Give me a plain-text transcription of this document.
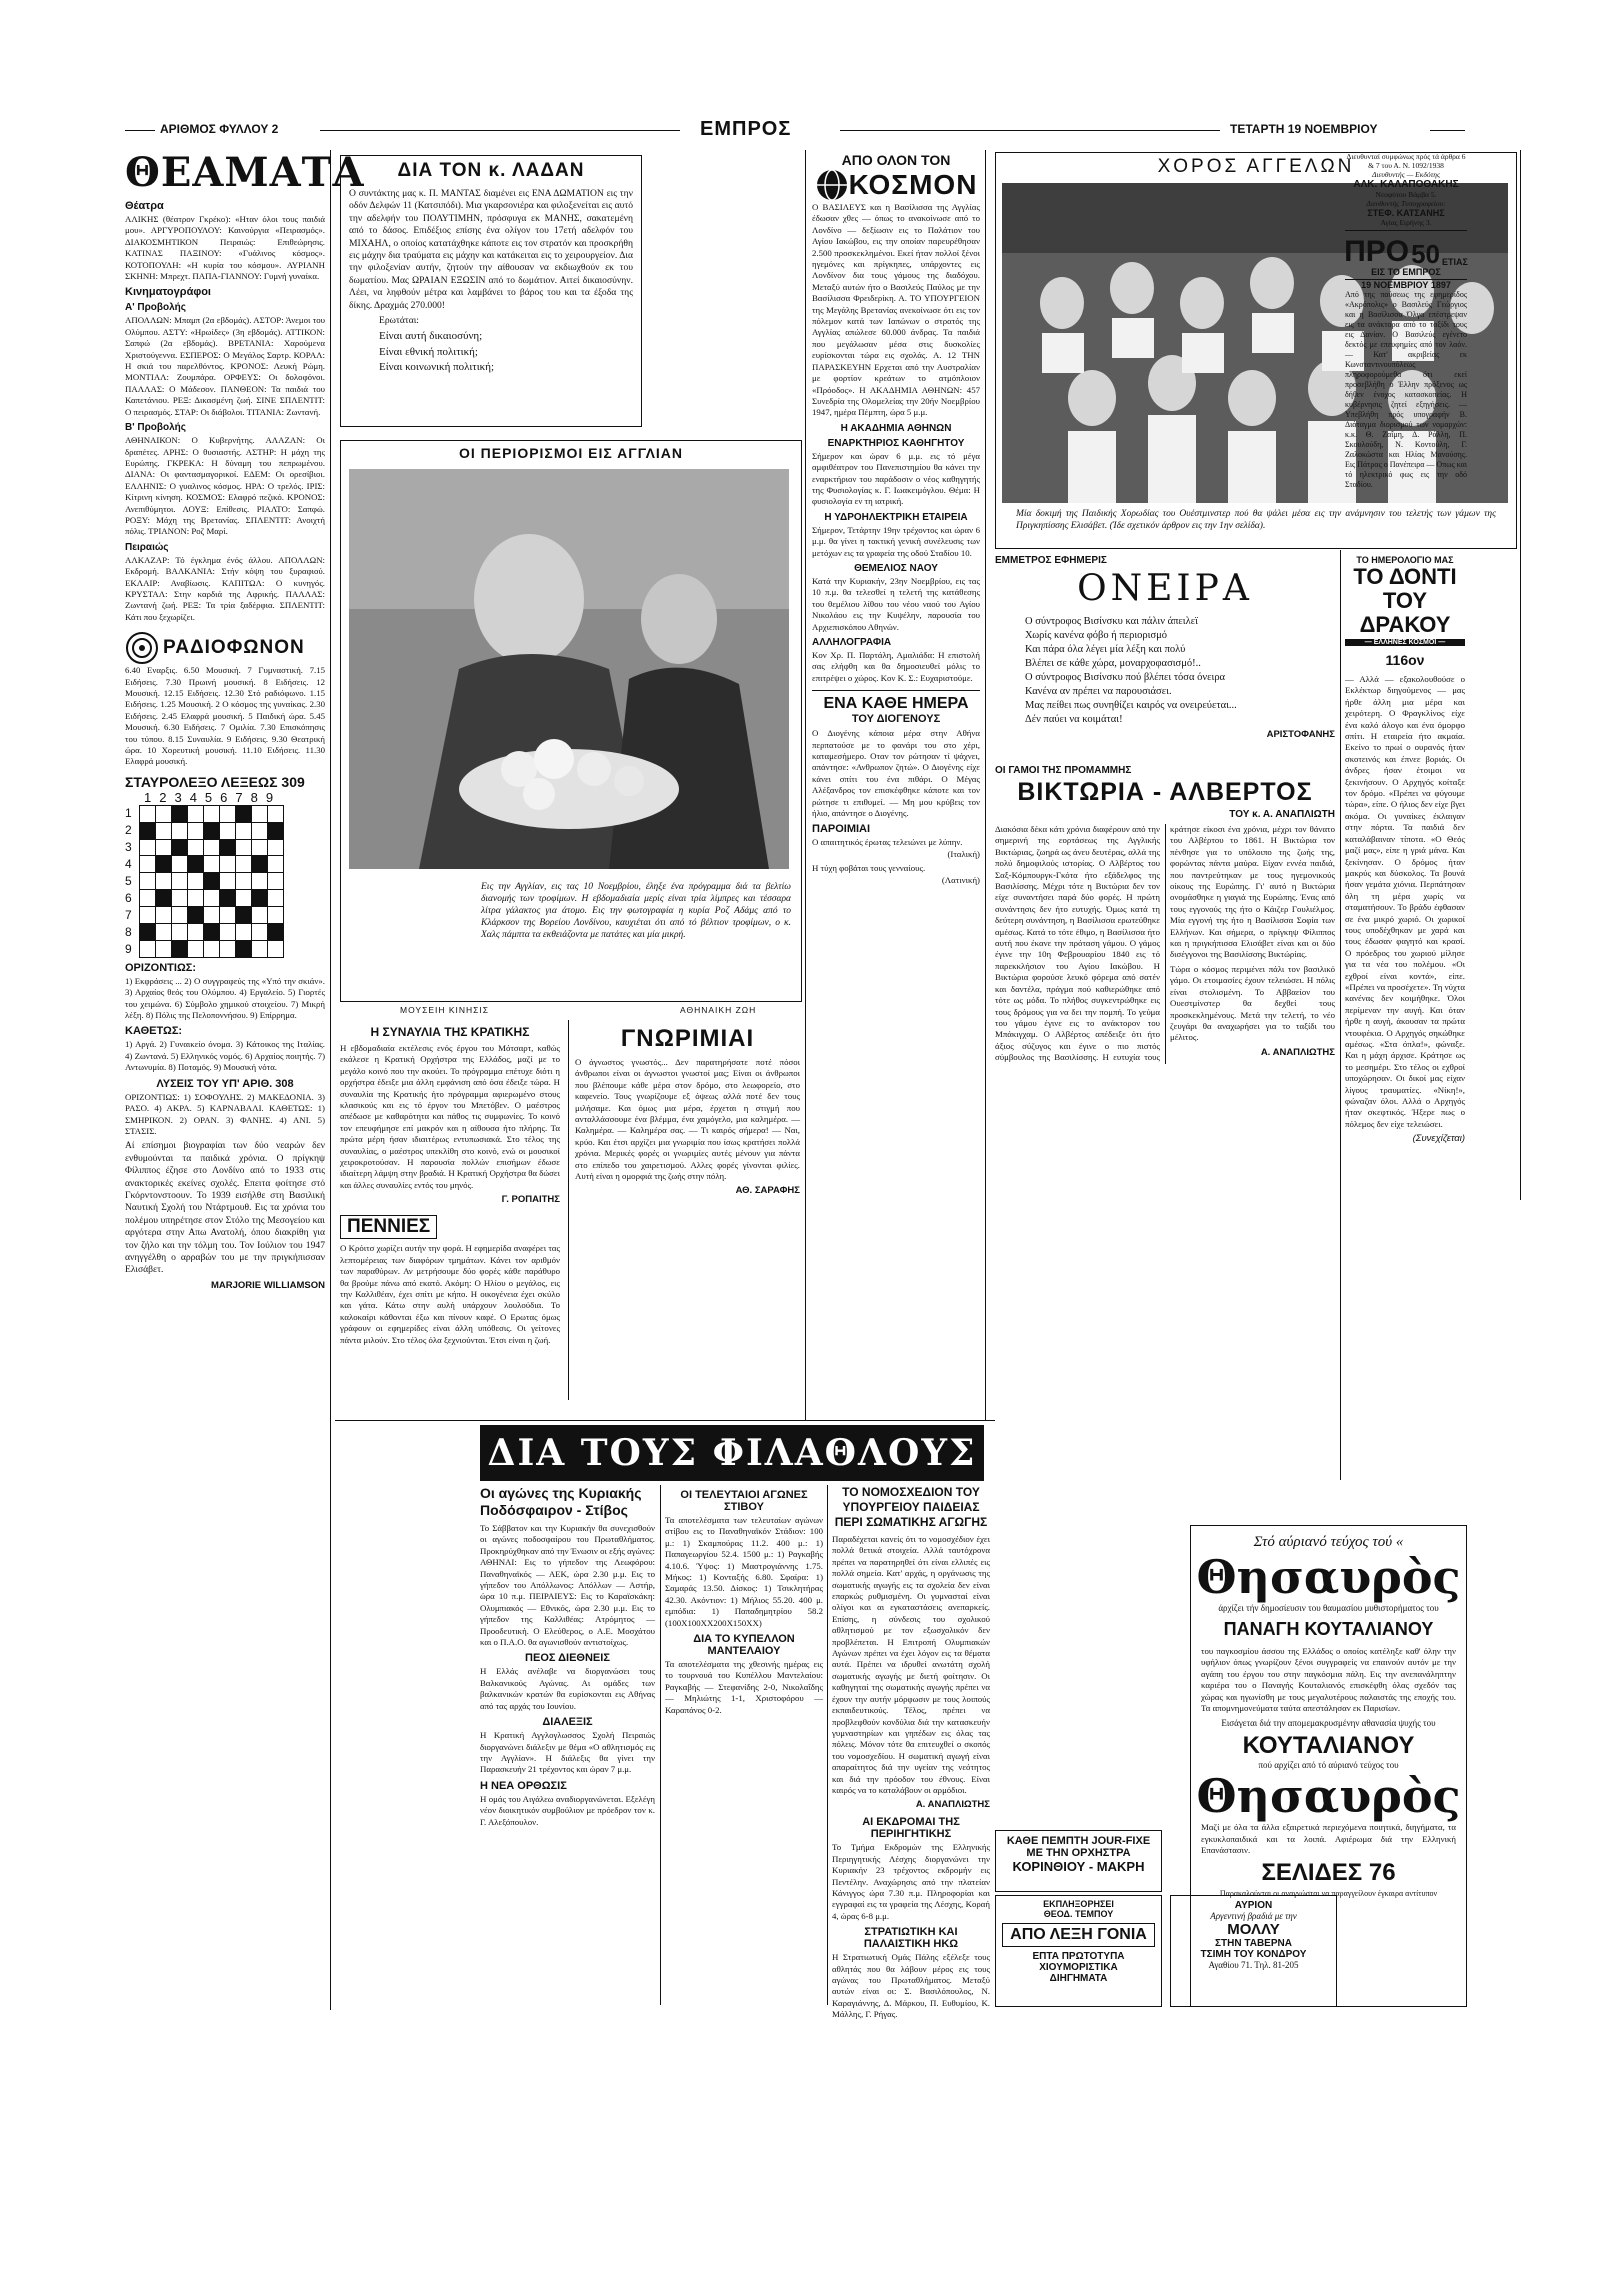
ΑΡΙΘΜΟΣ ΦΥΛΛΟΥ 2	ΕΜΠΡΟΣ	ΤΕΤΑΡΤΗ 19 ΝΟΕΜΒΡΙΟΥ
ΘΕΑΜΑΤΑ
Θέατρα

ΑΛΙΚΗΣ (θέατρον Γκρέκο): «Ηταν όλοι τους παιδιά μου». ΑΡΓΥΡΟΠΟΥΛΟΥ: Καινούργια «Πειρασμός». ΔΙΑΚΟΣΜΗΤΙΚΟΝ Πειραιώς: Επιθεώρησις. ΚΑΤΙΝΑΣ ΠΑΞΙΝΟΥ: «Γυάλινος κόσμος». ΚΟΤΟΠΟΥΛΗ: «Η κυρία του κόσμου». ΑΥΡΙΑΝΗ ΣΚΗΝΗ: Μπρεχτ. ΠΑΠΑ-ΓΙΑΝΝΟΥ: Γυμνή γυναίκα.

Κινηματογράφοι
Α' Προβολής

ΑΠΟΛΛΩΝ: Μπαμπ (2α εβδομάς). ΑΣΤΟΡ: Άνεμοι του Ολύμπου. ΑΣΤΥ: «Ηρωίδες» (3η εβδομάς). ΑΤΤΙΚΟΝ: Σαπφώ (2α εβδομάς). ΒΡΕΤΑΝΙΑ: Χαρούμενα Χριστούγεννα. ΕΣΠΕΡΟΣ: Ο Μεγάλος Σαρτρ. ΚΟΡΑΛ: Η σκιά του παρελθόντος. ΚΡΟΝΟΣ: Λευκή Ρώμη. ΜΟΝΤΙΑΛ: Ζουμπάρα. ΟΡΦΕΥΣ: Οι δολοφόνοι. ΠΑΛΛΑΣ: Ο Μάδεσον. ΠΑΝΘΕΟΝ: Τα παιδιά του Καπετάνιου. ΡΕΞ: Δικασμένη ζωή. ΣΙΝΕ ΣΠΛΕΝΤΙΤ: Ο πειρασμός. ΣΤΑΡ: Οι διάβολοι. ΤΙΤΑΝΙΑ: Ζωντανή.

Β' Προβολής

ΑΘΗΝΑΙΚΟΝ: Ο Κυβερνήτης. ΑΛΑΖΑΝ: Οι δραπέτες. ΑΡΗΣ: Ο θυσιαστής. ΑΣΤΗΡ: Η μάχη της Ευρώπης. ΓΚΡΕΚΑ: Η δύναμη του πεπρωμένου. ΔΙΑΝΑ: Οι φαντασμαγορικοί. ΕΔΕΜ: Οι ορεσίβιοι. ΕΛΛΗΝΙΣ: Ο γυαλινος κόσμος. ΗΡΑ: Ο τρελός. ΙΡΙΣ: Κίτρινη κίνηση. ΚΟΣΜΟΣ: Ελαφρό πεζικό. ΚΡΟΝΟΣ: Ανεπιθύμητοι. ΛΟΥΞ: Επίθεσις. ΡΙΑΛΤΟ: Σαπφώ. ΡΟΞΥ: Μάχη της Βρετανίας. ΣΠΛΕΝΤΙΤ: Ανοιχτή πόλις. ΤΡΙΑΝΟΝ: Ροζ Μαρί.

Πειραιώς

ΑΛΚΑΖΑΡ: Τό έγκλημα ένός άλλου. ΑΠΟΛΛΩΝ: Εκδρομή. ΒΑΛΚΑΝΙΑ: Στήν κόψη του ξυραφιού. ΕΚΛΑΙΡ: Αναβίωσις. ΚΑΠΙΤΩΛ: Ο κυνηγός. ΚΡΥΣΤΑΛ: Στην καρδιά της Αφρικής. ΠΑΛΛΑΣ: Ζωντανή ζωή. ΡΕΞ: Τα τρία ξαδέρφια. ΣΠΛΕΝΤΙΤ: Κάτι που ξεχωρίζει.

ΡΑΔΙΟΦΩΝΟΝ

6.40 Εναρξις. 6.50 Μουσική. 7 Γυμναστική. 7.15 Ειδήσεις. 7.30 Πρωινή μουσική. 8 Ειδήσεις. 12 Μουσική. 12.15 Ειδήσεις. 12.30 Στό ραδιόφωνο. 1.15 Ειδήσεις. 1.25 Μουσική. 2 Ο κόσμος της γυναίκας. 2.30 Ειδήσεις. 2.45 Ελαφρά μουσική. 5 Παιδική ώρα. 5.45 Μουσική. 6.30 Ειδήσεις. 7 Ομιλία. 7.30 Επισκόπησις του τύπου. 8.15 Συναυλία. 9 Ειδήσεις. 9.30 Θεατρική ώρα. 10 Χορευτική μουσική. 11.10 Ειδήσεις. 11.30 Ελαφρά μουσική.

ΣΤΑΥΡΟΛΕΞΟ ΛΕΞΕΩΣ 309
123456789
1
2
3
4
5
6
7
8
9

ΟΡΙΖΟΝΤΙΩΣ:

1) Εκφράσεις ... 2) Ο συγγραφεύς της «Υπό την σκιάν». 3) Αρχαίος θεός του Ολύμπου. 4) Εργαλείο. 5) Γιορτές του χειμώνα. 6) Σύμβολο χημικού στοιχείου. 7) Μικρή λέξη. 8) Πόλις της Πελοποννήσου. 9) Επίρρημα.

ΚΑΘΕΤΩΣ:

1) Αργά. 2) Γυναικείο όνομα. 3) Κάτοικος της Ιταλίας. 4) Ζωντανά. 5) Ελληνικός νομός. 6) Αρχαίος ποιητής. 7) Αντωνυμία. 8) Ποταμός. 9) Μουσική νότα.

ΛΥΣΕΙΣ ΤΟΥ ΥΠ' ΑΡΙΘ. 308

ΟΡΙΖΟΝΤΙΩΣ: 1) ΣΟΦΟΥΛΗΣ. 2) ΜΑΚΕΔΟΝΙΑ. 3) ΡΑΣΟ. 4) ΑΚΡΑ. 5) ΚΑΡΝΑΒΑΛΙ. ΚΑΘΕΤΩΣ: 1) ΣΜΗΡΙΚΟΝ. 2) ΟΡΑΝ. 3) ΦΑΝΗΣ. 4) ΑΝΙ. 5) ΣΤΑΣΙΣ.

Αί επίσημοι βιογραφίαι των δύο νεαρών δεν ενθυμούνται τα παιδικά χρόνια. Ο πρίγκηψ Φίλιππος έζησε στο Λονδίνο από το 1933 στις ανακτορικές εκείνες σχολές. Επειτα φοίτησε στό Γκόρντονστοουν. Το 1939 εισήλθε στη Βασιλική Ναυτική Σχολή του Ντάρτμουθ. Εις τα χρόνια του πολέμου υπηρέτησε στον Στόλο της Μεσογείου και αργότερα στην Απω Ανατολή, όπου διακρίθη για τον ζήλο και την τόλμη του. Τον Ιούλιον του 1947 ανηγγέλθη ο αρραβών του με την πριγκήπισσαν Ελισάβετ.

MARJORIE WILLIAMSON
ΔΙΑ ΤΟΝ κ. ΛΑΔΑΝ

Ο συντάκτης μας κ. Π. ΜΑΝΤΑΣ διαμένει εις ΕΝΑ ΔΩΜΑΤΙΟΝ εις την οδόν Δελφών 11 (Κατσιπόδι). Μια γκαρσονιέρα και φιλοξενείται εις αυτό την αδελφήν του ΠΟΛΥΤΙΜΗΝ, πρόσφυγα εκ ΜΑΝΗΣ, σακατεμένη από το δάσος. Επιδέξιος επίσης ένα ολίγον του 17ετή αδελφόν του ΜΙΧΑΗΛ, ο οποίος κατατάχθηκε κάποτε εις τον στρατόν και προσκρήθη εις μάχην δια τραύματα εις μάχην και κατάκειται εις το χειρουργείον. Δια την φιλοξενίαν αυτήν, ζητούν την αίθουσαν να εκδιωχθούν εκ του δωματίου. Μας ΩΡΑΙΑΝ ΕΞΩΣΙΝ από το δωμάτιον. Αιτεί δικαιοσύνην. Λέει, να ληφθούν μέτρα και λαμβάνει το βάρος του και τα έξοδα της δίκης. Δραχμάς 270.000!

Ερωτάται:

Είναι αυτή δικαιοσύνη;

Είναι εθνική πολιτική;

Είναι κοινωνική πολιτική;

ΟΙ ΠΕΡΙΟΡΙΣΜΟΙ ΕΙΣ ΑΓΓΛΙΑΝ

Εις την Αγγλίαν, εις τας 10 Νοεμβρίου, έληξε ένα πρόγραμμα διά τα βελτίω διανομής των τροφίμων. Η εβδομαδιαία μερίς είναι τρία λίμπρες και τέσσαρα λίτρα γάλακτος για άτομο. Εις την φωτογραφία η κυρία Ροζ Αδάμς από το Κλάρκσον της Βορείου Λονδίνου, καυχιέται ότι από τό βέλτιον τροφίμων, ο κ. Χαλς πάμπτα τα εκθειάζοντα με πατάτες και μία μικρή.

ΜΟΥΣΕΙΗ ΚΙΝΗΣΙΣ	ΑΘΗΝΑΙΚΗ ΖΩΗ
Η ΣΥΝΑΥΛΙΑ ΤΗΣ ΚΡΑΤΙΚΗΣ

Η εβδομαδιαία εκτέλεσις ενός έργου του Μότσαρτ, καθώς εκάλεσε η Κρατική Ορχήστρα της Ελλάδος, μαζί με το μεγάλο κοινό που την ακούει. Το πρόγραμμα επέτυχε διότι η ορχήστρα έδειξε μια άλλη εμφάνιση από όσα έδειξε τώρα. Η συναυλία της Κρατικής ήτο πρόγραμμα αφιερωμένο στους κλασικούς και εις τό έργον του Μπετόβεν. Ο μαέστρος απέδωσε με καθαρότητα και πάθος τις συμφωνίες. Το κοινό τον επευφήμησε επί μακρόν και η αίθουσα ήτο πλήρης. Τα πρώτα μέρη ήσαν ιδιαιτέρως εντυπωσιακά. Στο τέλος της συναυλίας, ο μαέστρος υπεκλίθη στο κοινό, ενώ οι μουσικοί χειροκροτούσαν. Η παρουσία πολλών επισήμων έδωσε ιδιαίτερη λάμψη στην βραδιά. Η Κρατική Ορχήστρα θα δώσει και άλλες συναυλίες εντός του μηνός.

Γ. ΡΟΠΑΙΤΗΣ
ΠΕΝΝΙΕΣ

Ο Κρόιτσ χωρίζει αυτήν την φορά. Η εφημερίδα αναφέρει τας λεπτομέρειας των διαφόρων τμημάτων. Κάνει τον αριθμόν των παραθύρων. Αν μετρήσουμε δύο φορές κάθε παράθυρο θα βρούμε πάνω από εκατό. Ακόμη: Ο Ηλίου ο μεγάλος, εις την Καλλιθέαν, έχει σπίτι με κήπο. Η οικογένεια έχει σκύλο και γάτα. Κάτω στην αυλή υπάρχουν λουλούδια. Το καλοκαίρι κάθονται έξω και πίνουν καφέ. Ο Ερωτας όμως γράφουν οι εφημερίδες είναι άλλη υπόθεσις. Οι γείτονες πάντα μιλούν. Στο τέλος όλα ξεχνιούνται. Έτσι είναι η ζωή.

ΓΝΩΡΙΜΙΑΙ

Ο άγνωστος γνωστός... Δεν παρατηρήσατε ποτέ πόσοι άνθρωποι είναι οι άγνωστοι γνωστοί μας; Είναι οι άνθρωποι που βλέπουμε κάθε μέρα στον δρόμο, στο λεωφορείο, στο καφενείο. Τους γνωρίζουμε εξ όψεως αλλά ποτέ δεν τους μιλήσαμε. Και όμως μια μέρα, έρχεται η στιγμή που ανταλλάσσουμε ένα βλέμμα, ένα χαμόγελο, μια καλημέρα. — Καλημέρα. — Καλημέρα σας. — Τι καιρός σήμερα! — Ναι, κρύο. Και έτσι αρχίζει μια γνωριμία που ίσως κρατήσει πολλά χρόνια. Μερικές φορές οι γνωριμίες αυτές μένουν για πάντα στο επίπεδο του χαιρετισμού. Αλλες φορές γίνονται φιλίες. Αυτή είναι η ομορφιά της ζωής στην πόλη.

ΑΘ. ΣΑΡΑΦΗΣ
ΑΠΟ ΟΛΟΝ ΤΟΝ
ΚΟΣΜΟΝ

Ο ΒΑΣΙΛΕΥΣ και η Βασίλισσα της Αγγλίας έδωσαν χθες — όπως το ανακοίνωσε από το Λονδίνο — δεξίωσιν εις το Παλάτιον του Αγίου Ιακώβου, εις την οποίαν παρευρέθησαν 2.500 προσκεκλημένοι. Εκεί ήταν πολλοί ξένοι ηγεμόνες και πρίγκηπες, υπάρχοντες εις Λονδίνον δια τους γάμους της διαδόχου. Μεταξύ αυτών ήτο ο Βασιλεύς Παύλος με την Βασίλισσα Φρειδερίκη. Α. ΤΟ ΥΠΟΥΡΓΕΙΟΝ της Μεγάλης Βρετανίας ανεκοίνωσε ότι εις τον πόλεμον κατά των Ιαπώνων ο στρατός της Αγγλίας απώλεσε 60.000 άνδρας. Τα παιδιά που μεγάλωσαν μέσα στις δυσκολίες ευρίσκονται τώρα εις σχολάς. Α. 12 ΤΗΝ ΠΑΡΑΣΚΕΥΗΝ Ερχεται από την Αυστραλίαν με φορτίον κρεάτων το ατμόπλοιον «Πρόοδος». Η ΑΚΑΔΗΜΙΑ ΑΘΗΝΩΝ: 457 Συνεδρία της Ολομελείας την 20ήν Νοεμβρίου 1947, ημέρα Πέμπτη, ώρα 5 μ.μ.

Η ΑΚΑΔΗΜΙΑ ΑΘΗΝΩΝ
ΕΝΑΡΚΤΗΡΙΟΣ ΚΑΘΗΓΗΤΟΥ

Σήμερον και ώραν 6 μ.μ. εις τό μέγα αμφιθέατρον του Πανεπιστημίου θα κάνει την εναρκτήριον του παράδοσιν ο νέος καθηγητής της Φυσιολογίας κ. Γ. Ιωακειμόγλου. Θέμα: Η φυσιολογία εν τη ιατρική.

Η ΥΔΡΟΗΛΕΚΤΡΙΚΗ ΕΤΑΙΡΕΙΑ

Σήμερον, Τετάρτην 19ην τρέχοντος και ώραν 6 μ.μ. θα γίνει η τακτική γενική συνέλευσις των μετόχων εις τα γραφεία της οδού Σταδίου 10.

ΘΕΜΕΛΙΟΣ ΝΑΟΥ

Κατά την Κυριακήν, 23ην Νοεμβρίου, εις τας 10 π.μ. θα τελεσθεί η τελετή της κατάθεσης του θεμέλιου λίθου του νέου ναού του Αγίου Νικολάου εις την Κυψέλην, παρουσία του Αρχιεπισκόπου Αθηνών.

ΑΛΛΗΛΟΓΡΑΦΙΑ

Κον Χρ. Π. Παρτάλη, Αμαλιάδα: Η επιστολή σας ελήφθη και θα δημοσιευθεί μόλις το επιτρέψει ο χώρος. Κον Κ. Σ.: Ευχαριστούμε.

ΕΝΑ ΚΑΘΕ ΗΜΕΡΑ
ΤΟΥ ΔΙΟΓΕΝΟΥΣ

Ο Διογένης κάποια μέρα στην Αθήνα περπατούσε με το φανάρι του στο χέρι, καταμεσήμερο. Οταν τον ρώτησαν τί ψάχνει, απάντησε: «Ανθρωπον ζητώ». Ο Διογένης είχε κάνει σπίτι του ένα πιθάρι. Ο Μέγας Αλέξανδρος τον επισκέφθηκε κάποτε και τον ρώτησε τι επιθυμεί. — Μη μου κρύβεις τον ήλιο, απάντησε ο Διογένης.

ΠΑΡΟΙΜΙΑΙ

Ο απαιτητικός έρωτας τελειώνει με λύπην.

(Ιταλική)

Η τύχη φοβάται τους γενναίους.

(Λατινική)
ΧΟΡΟΣ ΑΓΓΕΛΩΝ

Μία δοκιμή της Παιδικής Χορωδίας του Ουέστμινστερ πού θα ψάλει μέσα εις την ανάμνησιν του τελετής των γάμων της Πριγκηπίσσης Ελισάβετ. (Ίδε σχετικόν άρθρον εις την 1ην σελίδα).

ΕΜΜΕΤΡΟΣ ΕΦΗΜΕΡΙΣ
ΟΝΕΙΡΑ
Ο σύντροφος Βισίνσκυ και πάλιν άπειλεϊ
Χωρίς κανένα φόβο ή περιορισμό
Και πάρα όλα λέγει μία λέξη και πολύ
Βλέπει σε κάθε χώρα, μοναρχοφασισμό!..
Ο σύντροφος Βισίνσκυ πού βλέπει τόσα όνειρα
Κανένα αν πρέπει να παρουσιάσει.
Μας πείθει πως συνηθίζει καιρός να ονειρεύεται...
Δέν παύει να κοιμάται!
ΑΡΙΣΤΟΦΑΝΗΣ
ΤΟ ΗΜΕΡΟΛΟΓΙΟ ΜΑΣ
ΤΟ ΔΟΝΤΙ
ΤΟΥ ΔΡΑΚΟΥ
— ΕΛΛΗΝΕΣ ΚΟΣΜΟΙ —
116ον

— Αλλά — εξακολουθούσε ο Εκλέκτωρ διηγούμενος — μας ήρθε άλλη μια μέρα και χειρότερη. Ο Φραγκλίνος είχε ένα καλό άλογο και ένα όμορφο σπίτι. Η εταιρεία ήτο ακμαία. Εκείνο το πρωί ο ουρανός ήταν σκοτεινός και έπνεε βοριάς. Οι άνδρες ήσαν έτοιμοι να ξεκινήσουν. Ο Αρχηγός κοίταξε τον δρόμο. «Πρέπει να φύγουμε τώρα», είπε. Ο ήλιος δεν είχε βγει ακόμα. Οι γυναίκες έκλαιγαν στην πόρτα. Τα παιδιά δεν καταλάβαιναν τίποτα. «Ο Θεός μαζί μας», είπε η γριά μάνα. Και ξεκίνησαν. Ο δρόμος ήταν μακρύς και δύσκολος. Τα βουνά ήσαν γεμάτα χιόνια. Περπάτησαν όλη τη μέρα χωρίς να σταματήσουν. Το βράδυ έφθασαν σε ένα μικρό χωριό. Οι χωρικοί τους υποδέχθηκαν με χαρά και τους έδωσαν φαγητό και κρασί. Ο πρόεδρος του χωριού μίλησε για τα νέα του πολέμου. «Οι εχθροί είναι κοντά», είπε. «Πρέπει να προσέχετε». Τη νύχτα κανένας δεν κοιμήθηκε. Όλοι περίμεναν την αυγή. Και όταν ήρθε η αυγή, άκουσαν τα πρώτα ντουφέκια. Ο Αρχηγός σηκώθηκε αμέσως. «Στα όπλα!», φώναξε. Και η μάχη άρχισε. Κράτησε ως το μεσημέρι. Στο τέλος οι εχθροί υποχώρησαν. Οι δικοί μας είχαν λίγους τραυματίες. «Νίκη!», φώναζαν όλοι. Αλλά ο Αρχηγός ήταν σκεφτικός. Ήξερε πως ο πόλεμος δεν είχε τελειώσει.

(Συνεχίζεται)
ΟΙ ΓΑΜΟΙ ΤΗΣ ΠΡΟΜΑΜΜΗΣ
ΒΙΚΤΩΡΙΑ - ΑΛΒΕΡΤΟΣ
ΤΟΥ κ. Α. ΑΝΑΠΛΙΩΤΗ

Διακόσια δέκα κάτι χρόνια διαφέρουν από την σημερινή της εορτάσεως της Αγγλικής Βικτώριας, ζωηρά ως άνευ δευτέρας, αλλά της πολύ δημοφιλούς ιστορίας. Ο Αλβέρτος του Σαξ-Κόμπουργκ-Γκότα ήτο εξάδελφος της Βασιλίσσης. Μέχρι τότε η Βικτώρια δεν τον είχε συναντήσει παρά δύο φορές. Η πρώτη συνάντησις δεν ήτο ευτυχής. Όμως κατά τη δεύτερη συνάντηση, η Βασίλισσα ερωτεύθηκε αμέσως. Κατά το τότε έθιμο, η Βασίλισσα ήτο αυτή που έκανε την πρόταση γάμου. Ο γάμος έγινε την 10η Φεβρουαρίου 1840 εις τό παρεκκλήσιον του Αγίου Ιακώβου. Η Βικτώρια φορούσε λευκό φόρεμα από σατέν και δαντέλα, πράγμα πού καθιερώθηκε από τότε ως μόδα. Το πλήθος συγκεντρώθηκε εις τους δρόμους για να δει την πομπή. Το γεύμα του γάμου έγινε εις το ανάκτορον του Μπάκιγχαμ. Ο Αλβέρτος απέδειξε ότι ήτο άξιος σύζυγος και έγινε ο πιο πιστός σύμβουλος της Βασιλίσσης. Η ευτυχία τους κράτησε είκοσι ένα χρόνια, μέχρι τον θάνατο του Αλβέρτου το 1861. Η Βικτώρια τον πένθησε για το υπόλοιπο της ζωής της, φορώντας πάντα μαύρα. Είχαν εννέα παιδιά, που παντρεύτηκαν με τους ηγεμονικούς οίκους της Ευρώπης. Γι' αυτό η Βικτώρια ονομάσθηκε η γιαγιά της Ευρώπης. Ένας από τους εγγονούς της ήτο ο Κάιζερ Γουλιέλμος. Μία εγγονή της ήτο η Βασίλισσα Σοφία των Ελλήνων. Και σήμερα, ο πρίγκηψ Φίλιππος και η πριγκήπισσα Ελισάβετ είναι και οι δύο δισέγγονοι της Βασιλίσσης Βικτώρίας.

Τώρα ο κόσμος περιμένει πάλι τον βασιλικό γάμο. Οι ετοιμασίες έχουν τελειώσει. Η πόλις είναι στολισμένη. Το Αββαείον του Ουεστμίνστερ θα δεχθεί τους προσκεκλημένους. Μετά την τελετή, το νέο ζευγάρι θα αναχωρήσει για το ταξίδι του μέλιτος.

Α. ΑΝΑΠΛΙΩΤΗΣ
ΔΙΑ ΤΟΥΣ ΦΙΛΑΘΛΟΥΣ
Οι αγώνες της Κυριακής Ποδόσφαιρον - Στίβος

Το Σάββατον και την Κυριακήν θα συνεχισθούν οι αγώνες ποδοσφαίρου του Πρωταθλήματος. Προκηρύχθηκαν από την Ένωσιν οι εξής αγώνες: ΑΘΗΝΑΙ: Εις το γήπεδον της Λεωφόρου: Παναθηναϊκός — ΑΕΚ, ώρα 2.30 μ.μ. Εις το γήπεδον του Απόλλωνος: Απόλλων — Αστήρ, ώρα 10 π.μ. ΠΕΙΡΑΙΕΥΣ: Εις το Καραϊσκάκη: Ολυμπιακός — Εθνικός, ώρα 2.30 μ.μ. Εις το γήπεδον της Καλλιθέας: Ατρόμητος — Προοδευτική. Ο Ελεύθερος, ο Α.Ε. Μοσχάτου και ο Π.Α.Ο. θα αγωνισθούν αντιστοίχως.

ΠΕΟΣ ΔΙΕΘΝΕΙΣ

Η Ελλάς ανέλαβε να διοργανώσει τους Βαλκανικούς Αγώνας. Αι ομάδες των βαλκανικών κρατών θα ευρίσκονται εις Αθήνας από τας αρχάς του Ιουνίου.

ΔΙΑΛΕΞΙΣ

Η Κρατική Αγγλογλωσσος Σχολή Πειραιώς διοργανώνει διάλεξιν με θέμα «Ο αθλητισμός εις την Αγγλίαν». Η διάλεξις θα γίνει την Παρασκευήν 21 τρέχοντος και ώραν 7 μ.μ.

Η ΝΕΑ ΟΡΘΩΣΙΣ

Η ομάς του Αιγάλεω αναδιοργανώνεται. Εξελέγη νέον διοικητικόν συμβούλιον με πρόεδρον τον κ. Γ. Αλεξόπουλον.

ΟΙ ΤΕΛΕΥΤΑΙΟΙ ΑΓΩΝΕΣ ΣΤΙΒΟΥ

Τα αποτελέσματα των τελευταίων αγώνων στίβου εις το Παναθηναϊκόν Στάδιον: 100 μ.: 1) Σκαμπούρας 11.2. 400 μ.: 1) Παπαγεωργίου 52.4. 1500 μ.: 1) Ραγκαβής 4.10.6. Ύψος: 1) Μαστρογιάννης 1.75. Μήκος: 1) Κονταξής 6.80. Σφαίρα: 1) Σαμαράς 13.50. Δίσκος: 1) Τσικλητήρας 42.30. Ακόντιον: 1) Μήλιος 55.20. 400 μ. εμπόδια: 1) Παπαδημητρίου 58.2 (100Χ100ΧΧ200Χ150ΧΧ)

ΔΙΑ ΤΟ ΚΥΠΕΛΛΟΝ ΜΑΝΤΕΛΑΙΟΥ

Τα αποτελέσματα της χθεσινής ημέρας εις το τουρνουά του Κυπέλλου Μαντελαίου: Ραγκαβής — Στεφανίδης 2-0, Νικολαΐδης — Μηλιώτης 1-1, Χριστοφόρου — Καραπάνος 0-2.

ΤΟ ΝΟΜΟΣΧΕΔΙΟΝ ΤΟΥ ΥΠΟΥΡΓΕΙΟΥ ΠΑΙΔΕΙΑΣ ΠΕΡΙ ΣΩΜΑΤΙΚΗΣ ΑΓΩΓΗΣ

Παραδέχεται κανείς ότι το νομοσχέδιον έχει πολλά θετικά στοιχεία. Αλλά ταυτόχρονα πρέπει να παρατηρηθεί ότι είναι ελλιπές εις πολλά σημεία. Κατ' αρχάς, η οργάνωσις της σωματικής αγωγής εις τα σχολεία δεν είναι επαρκώς ρυθμισμένη. Οι γυμνασταί είναι ολίγοι και αι εγκαταστάσεις ανεπαρκείς. Επίσης, η σύνδεσις του σχολικού αθλητισμού με τον εξωσχολικόν δεν προβλέπεται. Η Επιτροπή Ολυμπιακών Αγώνων πρέπει να έχει λόγον εις τα θέματα αυτά. Πρέπει να ιδρυθεί ανωτάτη σχολή σωματικής αγωγής με διετή φοίτησιν. Οι καθηγηταί της σωματικής αγωγής πρέπει να έχουν την αυτήν μόρφωσιν με τους λοιπούς εκπαιδευτικούς. Τέλος, πρέπει να προβλεφθούν κονδύλια διά την κατασκευήν γυμναστηρίων και γηπέδων εις όλας τας πόλεις. Μόνον τότε θα επιτευχθεί ο σκοπός του νομοσχεδίου. Η σωματική αγωγή είναι απαραίτητος διά την υγείαν της νεότητος και διά την πρόοδον του έθνους. Είναι καιρός να το καταλάβουν οι αρμόδιοι.

Α. ΑΝΑΠΛΙΩΤΗΣ
ΑΙ ΕΚΔΡΟΜΑΙ ΤΗΣ ΠΕΡΙΗΓΗΤΙΚΗΣ

Το Τμήμα Εκδρομών της Ελληνικής Περιηγητικής Λέσχης διοργανώνει την Κυριακήν 23 τρέχοντος εκδρομήν εις Πεντέλην. Αναχώρησις από την πλατείαν Κάνιγγος ώρα 7.30 π.μ. Πληροφορίαι και εγγραφαί εις τα γραφεία της Λέσχης, Κοραή 4, ώρας 6-8 μ.μ.

ΣΤΡΑΤΙΩΤΙΚΗ ΚΑΙ ΠΑΛΑΙΣΤΙΚΗ ΗΚΩ

Η Στρατιωτική Ομάς Πάλης εξέλεξε τους αθλητάς που θα λάβουν μέρος εις τους αγώνας του Πρωταθλήματος. Μεταξύ αυτών είναι οι: Σ. Βασιλόπουλος, Ν. Καραγιάννης, Δ. Μάρκου, Π. Ευθυμίου, Κ. Μάλλης, Γ. Ρήγας.

ΚΑΘΕ ΠΕΜΠΤΗ JOUR-FIXE
ΜΕ ΤΗΝ ΟΡΧΗΣΤΡΑ
ΚΟΡΙΝΘΙΟΥ - ΜΑΚΡΗ
ΕΚΠΛΗΞΟΡΗΣΕΙ
ΘΕΟΔ. ΤΕΜΠΟΥ
ΑΠΟ ΛΕΞΗ ΓΟΝΙΑ
ΕΠΤΑ ΠΡΩΤΟΤΥΠΑ
ΧΙΟΥΜΟΡΙΣΤΙΚΑ
ΔΙΗΓΗΜΑΤΑ
ΑΥΡΙΟΝ
Αργεντινή βραδιά με την
ΜΟΛΛΥ
ΣΤΗΝ ΤΑΒΕΡΝΑ
ΤΣΙΜΗ ΤΟΥ ΚΟΝΔΡΟΥ
Αγαθίου 71. Τηλ. 81-205
Στό αύριανό τεύχος τού «
Θησαυρὸς
άρχίζει τήν δημοσίευσιν του θαυμασίου μυθιστορήματος του
ΠΑΝΑΓΗ ΚΟΥΤΑΛΙΑΝΟΥ

του παγκοσμίου άσσου της Ελλάδος ο οποίος κατέληξε καθ' όλην την υφήλιον όπως γνωρίζουν ξένοι συγγραφείς να επαινούν αυτόν με την αγάπη του έργου του στην παγκόσμια πάλη. Εις την ανεπανάληπτην καριέρα του ο Παναγής Κουταλιανός επισκέφθη όλας σχεδόν τας χώρας και ηγωνίσθη με τους μεγαλυτέρους παλαιστάς της εποχής του. Τα απομνημονεύματα ταύτα απεστάλησαν εκ Παρισίων.

Εισάγεται διά την απομεμακρυσμένην αθανασία ψυχής του
ΚΟΥΤΑΛΙΑΝΟΥ
πού αρχίζει από τό αύριανό τεύχος του
Θησαυρὸς

Μαζί με όλα τα άλλα εξαιρετικά περιεχόμενα ποιητικά, διηγήματα, τα εγκυκλοπαιδικά και τα λοιπά. Αφιέρωμα διά την Ελληνική Επανάστασιν.

ΣΕΛΙΔΕΣ 76
Παρακαλούνται οι αναγνώσται να παραγγείλουν έγκαιρα αντίτυπον
Διευθυνταί συμφώνως πρός τά άρθρα 6 & 7 του Α. Ν. 1092/1938
Διευθυντής — Εκδότης
ΑΛΚ. ΚΑΛΑΠΟΘΑΚΗΣ
Νεοφύτου Βάμβα 5.
Διευθυντής Τυπογραφείου:
ΣΤΕΦ. ΚΑΤΣΑΝΗΣ
Αγίας Ειρήνης 3.
ΠΡΟ 50 ΕΤΙΑΣ
ΕΙΣ ΤΟ ΕΜΠΡΟΣ
19 ΝΟΕΜΒΡΙΟΥ 1897

Από της παύσεως της εφημερίδος «Ακρόπολις» ο Βασιλεύς Γεώργιος και η Βασίλισσα Όλγα επέστρεψαν εις τα ανάκτορα από το ταξίδι τους εις Δανίαν. Ο Βασιλεύς εγένετο δεκτός με επευφημίες από τον λαόν. — Κατ' ακριβείας εκ Κωνσταντινουπόλεως πληροφορούμεθα ότι εκεί προσεβλήθη ο Έλλην πρόξενος ως δήθεν ένοχος κατασκοπείας. Η κυβέρνησις ζητεί εξηγήσεις. — Υπεβλήθη πρός υπογραφήν Β. Διάταγμα διορισμού των νομαρχών: κ.κ. Θ. Ζαΐμη, Δ. Ράλλη, Π. Σκουλούδη, Ν. Κοντούλη, Γ. Ζαλοκώστα και Ηλίας Μανούσης. Εις Πάτρας ο Πανέπειρα — Οπως και τό ηλεκτρικό φως εις την οδό Σταδίου.
